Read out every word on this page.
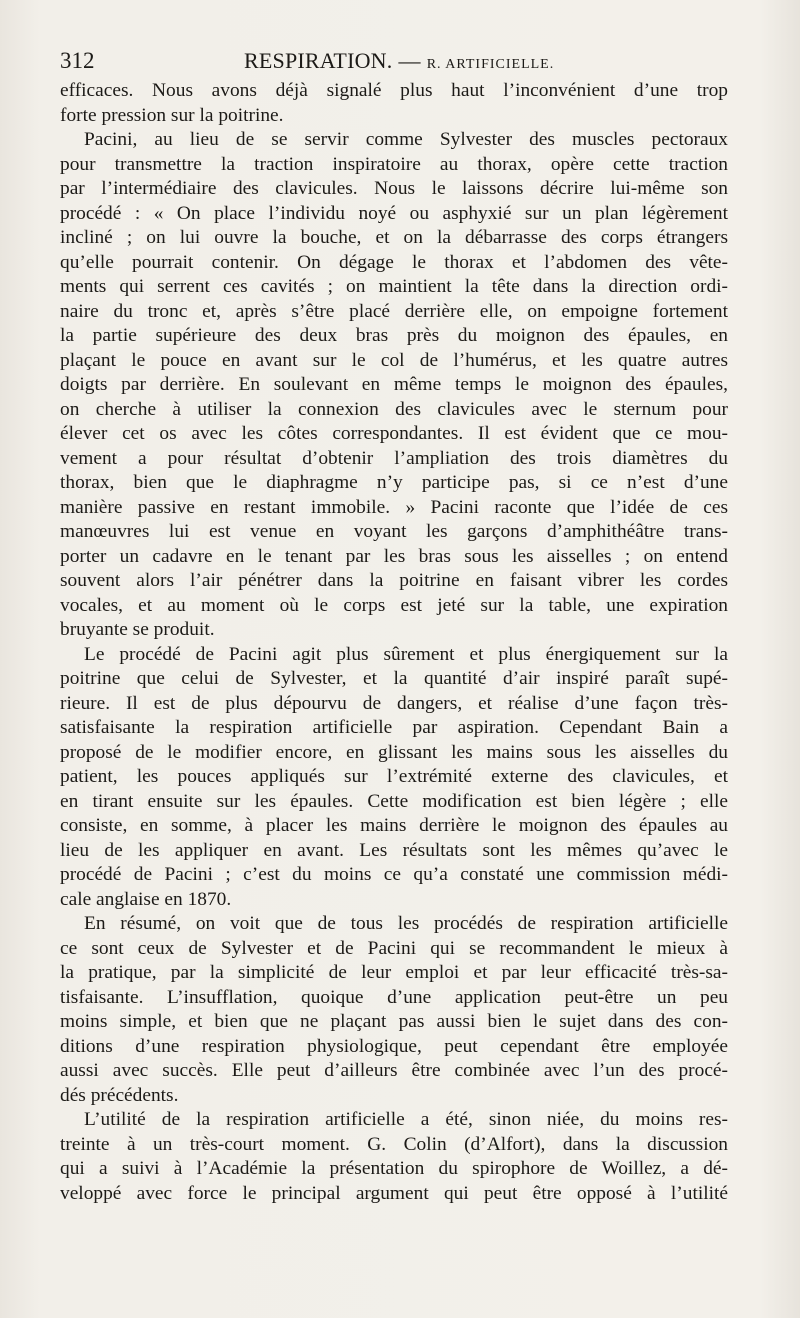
312	RESPIRATION. — R. ARTIFICIELLE.
efficaces. Nous avons déjà signalé plus haut l’inconvénient d’une trop
forte pression sur la poitrine.
Pacini, au lieu de se servir comme Sylvester des muscles pectoraux
pour transmettre la traction inspiratoire au thorax, opère cette traction
par l’intermédiaire des clavicules. Nous le laissons décrire lui-même son
procédé : « On place l’individu noyé ou asphyxié sur un plan légèrement
incliné ; on lui ouvre la bouche, et on la débarrasse des corps étrangers
qu’elle pourrait contenir. On dégage le thorax et l’abdomen des vête-
ments qui serrent ces cavités ; on maintient la tête dans la direction ordi-
naire du tronc et, après s’être placé derrière elle, on empoigne fortement
la partie supérieure des deux bras près du moignon des épaules, en
plaçant le pouce en avant sur le col de l’humérus, et les quatre autres
doigts par derrière. En soulevant en même temps le moignon des épaules,
on cherche à utiliser la connexion des clavicules avec le sternum pour
élever cet os avec les côtes correspondantes. Il est évident que ce mou-
vement a pour résultat d’obtenir l’ampliation des trois diamètres du
thorax, bien que le diaphragme n’y participe pas, si ce n’est d’une
manière passive en restant immobile. » Pacini raconte que l’idée de ces
manœuvres lui est venue en voyant les garçons d’amphithéâtre trans-
porter un cadavre en le tenant par les bras sous les aisselles ; on entend
souvent alors l’air pénétrer dans la poitrine en faisant vibrer les cordes
vocales, et au moment où le corps est jeté sur la table, une expiration
bruyante se produit.
Le procédé de Pacini agit plus sûrement et plus énergiquement sur la
poitrine que celui de Sylvester, et la quantité d’air inspiré paraît supé-
rieure. Il est de plus dépourvu de dangers, et réalise d’une façon très-
satisfaisante la respiration artificielle par aspiration. Cependant Bain a
proposé de le modifier encore, en glissant les mains sous les aisselles du
patient, les pouces appliqués sur l’extrémité externe des clavicules, et
en tirant ensuite sur les épaules. Cette modification est bien légère ; elle
consiste, en somme, à placer les mains derrière le moignon des épaules au
lieu de les appliquer en avant. Les résultats sont les mêmes qu’avec le
procédé de Pacini ; c’est du moins ce qu’a constaté une commission médi-
cale anglaise en 1870.
En résumé, on voit que de tous les procédés de respiration artificielle
ce sont ceux de Sylvester et de Pacini qui se recommandent le mieux à
la pratique, par la simplicité de leur emploi et par leur efficacité très-sa-
tisfaisante. L’insufflation, quoique d’une application peut-être un peu
moins simple, et bien que ne plaçant pas aussi bien le sujet dans des con-
ditions d’une respiration physiologique, peut cependant être employée
aussi avec succès. Elle peut d’ailleurs être combinée avec l’un des procé-
dés précédents.
L’utilité de la respiration artificielle a été, sinon niée, du moins res-
treinte à un très-court moment. G. Colin (d’Alfort), dans la discussion
qui a suivi à l’Académie la présentation du spirophore de Woillez, a dé-
veloppé avec force le principal argument qui peut être opposé à l’utilité
